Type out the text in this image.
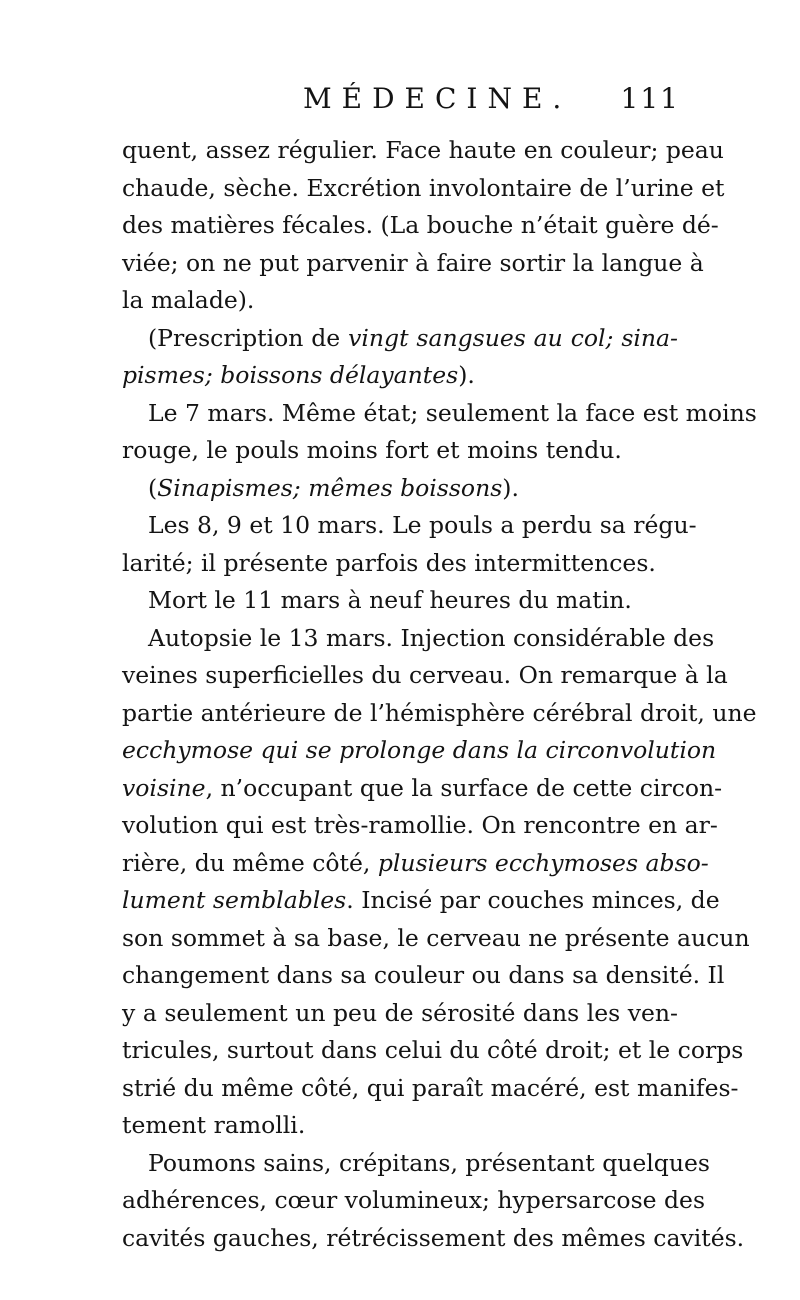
MÉDECINE. 111
quent, assez régulier. Face haute en couleur; peau
chaude, sèche. Excrétion involontaire de l’urine et
des matières fécales. (La bouche n’était guère dé-
viée; on ne put parvenir à faire sortir la langue à
la malade).
(Prescription de vingt sangsues au col; sina-
pismes; boissons délayantes).
Le 7 mars. Même état; seulement la face est moins
rouge, le pouls moins fort et moins tendu.
(Sinapismes; mêmes boissons).
Les 8, 9 et 10 mars. Le pouls a perdu sa régu-
larité; il présente parfois des intermittences.
Mort le 11 mars à neuf heures du matin.
Autopsie le 13 mars. Injection considérable des
veines superficielles du cerveau. On remarque à la
partie antérieure de l’hémisphère cérébral droit, une
ecchymose qui se prolonge dans la circonvolution
voisine, n’occupant que la surface de cette circon-
volution qui est très-ramollie. On rencontre en ar-
rière, du même côté, plusieurs ecchymoses abso-
lument semblables. Incisé par couches minces, de
son sommet à sa base, le cerveau ne présente aucun
changement dans sa couleur ou dans sa densité. Il
y a seulement un peu de sérosité dans les ven-
tricules, surtout dans celui du côté droit; et le corps
strié du même côté, qui paraît macéré, est manifes-
tement ramolli.
Poumons sains, crépitans, présentant quelques
adhérences, cœur volumineux; hypersarcose des
cavités gauches, rétrécissement des mêmes cavités.
